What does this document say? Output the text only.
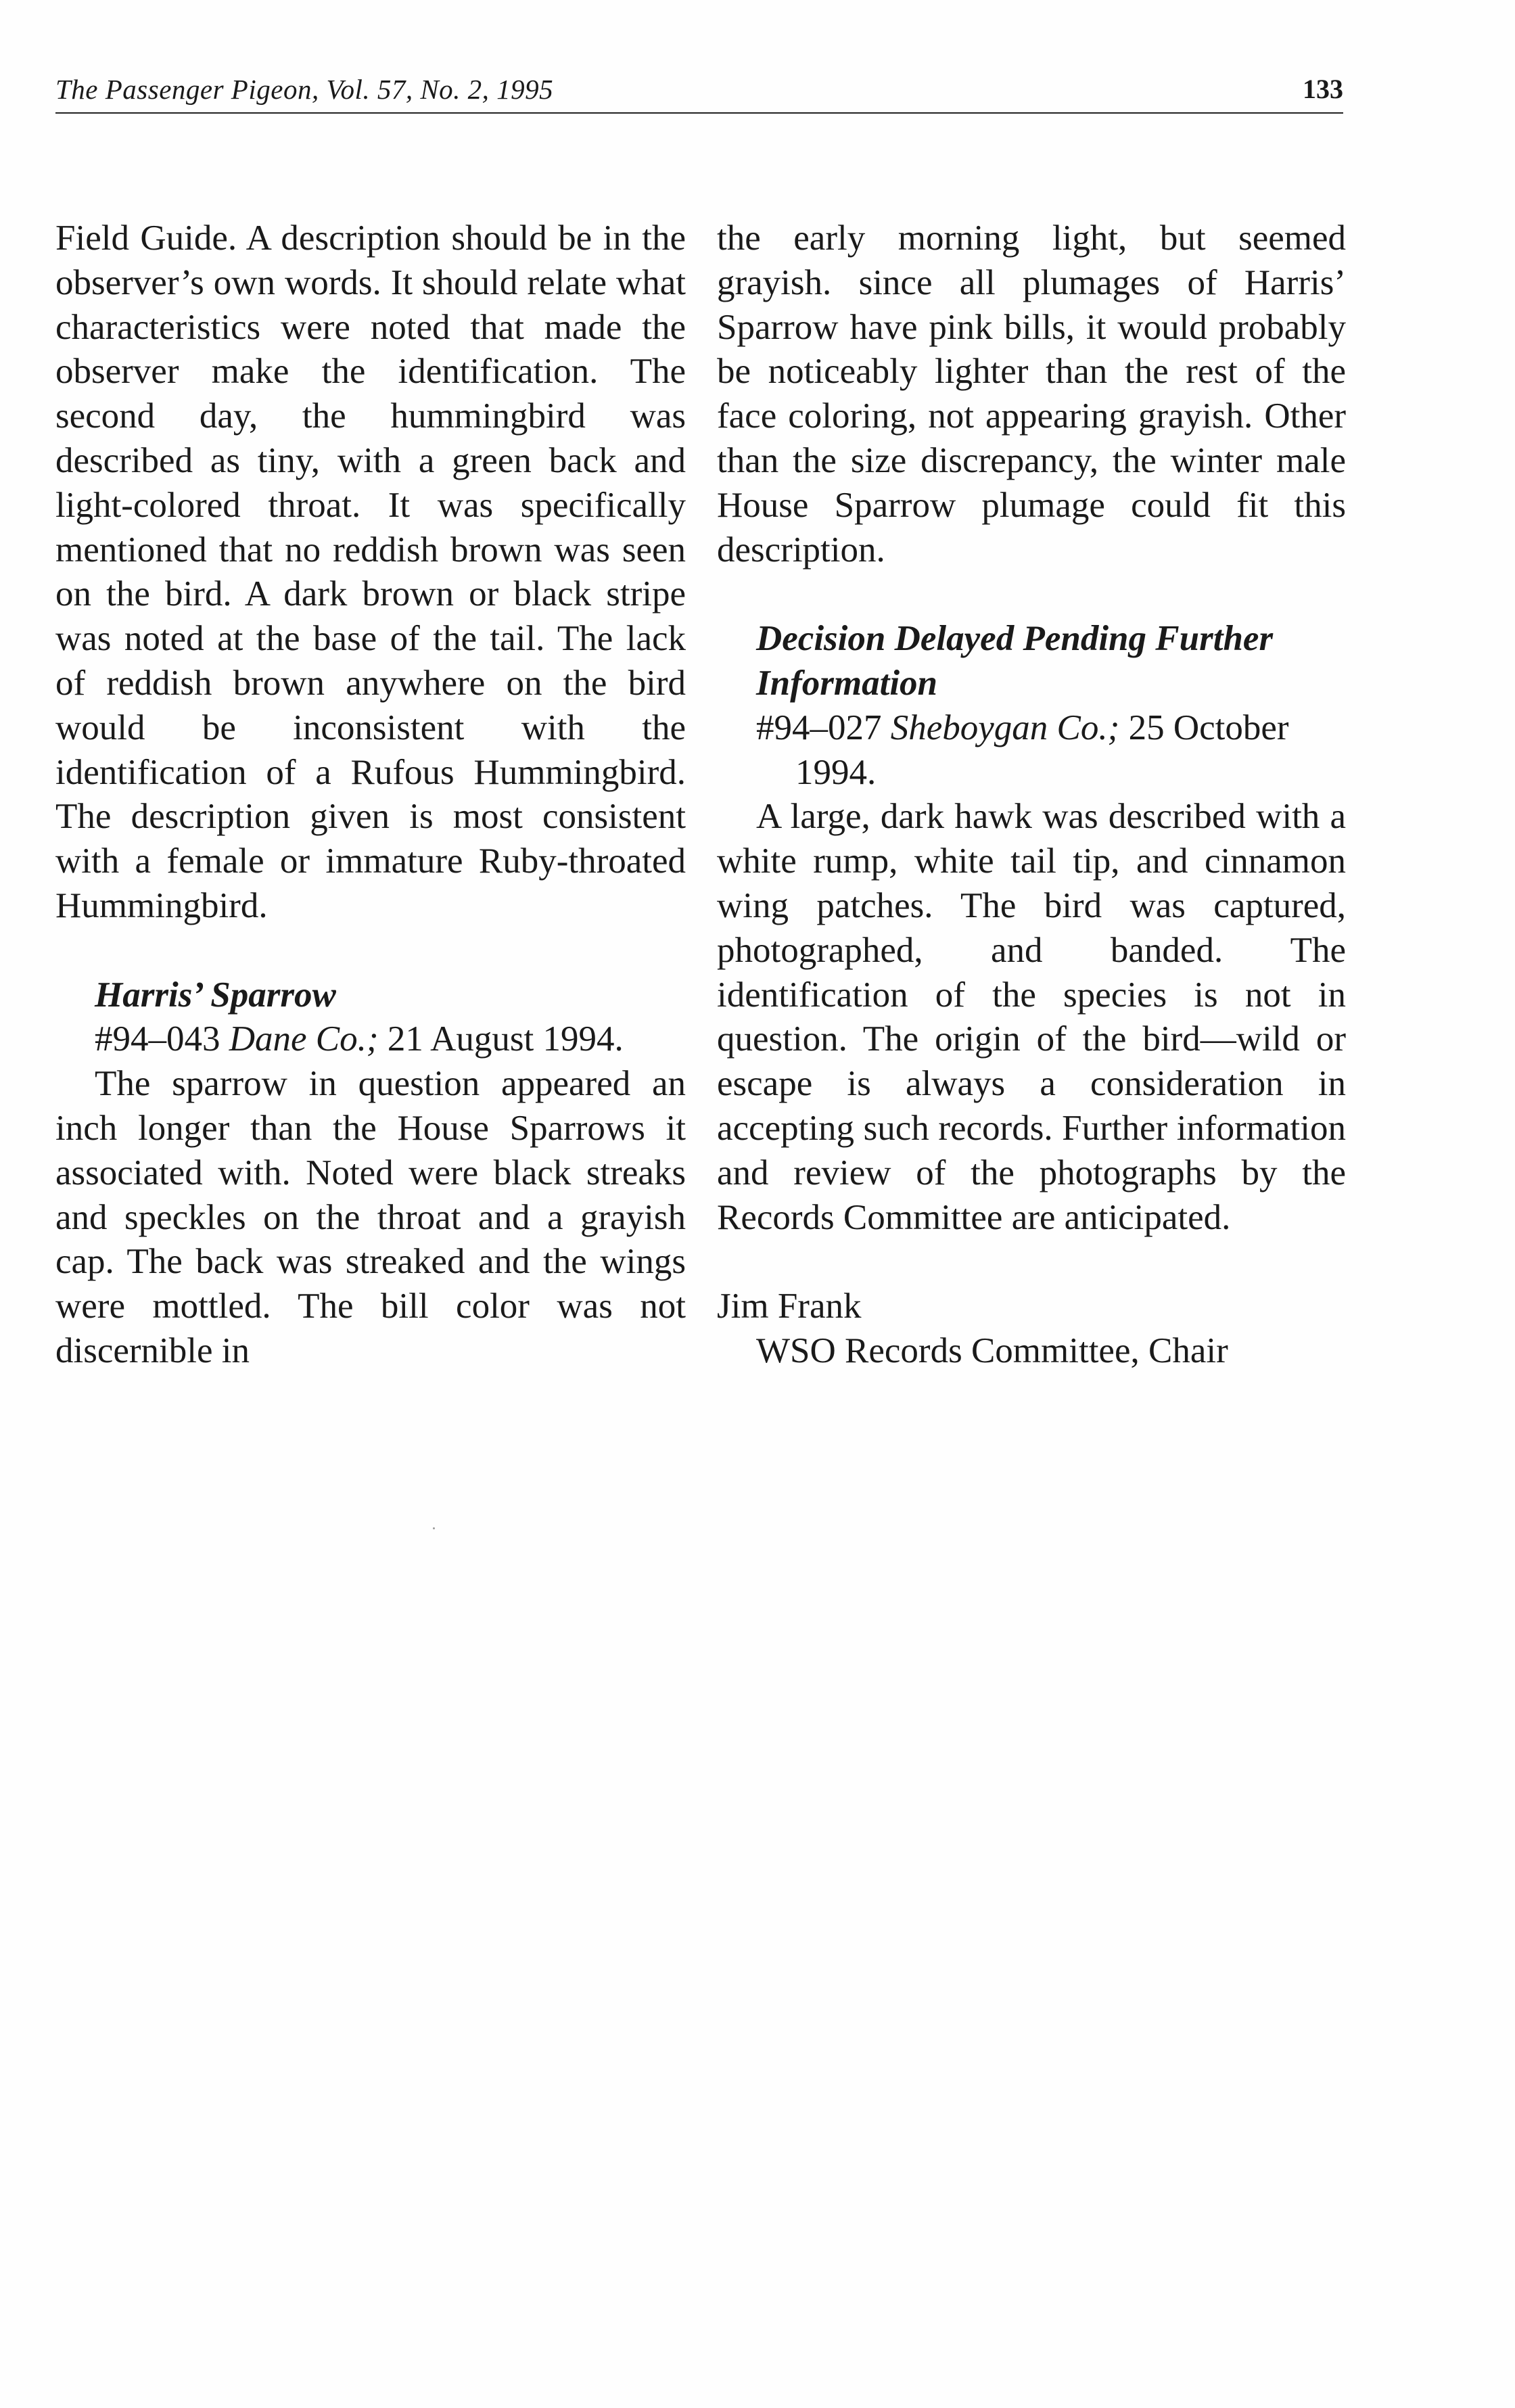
The Passenger Pigeon, Vol. 57, No. 2, 1995	133

Field Guide. A description should be in the observer’s own words. It should relate what characteristics were noted that made the observer make the identification. The second day, the hummingbird was described as tiny, with a green back and light-colored throat. It was specifically mentioned that no reddish brown was seen on the bird. A dark brown or black stripe was noted at the base of the tail. The lack of reddish brown anywhere on the bird would be inconsistent with the identification of a Rufous Hummingbird. The description given is most consistent with a female or immature Ruby-throated Hummingbird.

Harris’ Sparrow

#94–043 Dane Co.; 21 August 1994.

The sparrow in question appeared an inch longer than the House Sparrows it associated with. Noted were black streaks and speckles on the throat and a grayish cap. The back was streaked and the wings were mottled. The bill color was not discernible in

the early morning light, but seemed grayish. since all plumages of Harris’ Sparrow have pink bills, it would probably be noticeably lighter than the rest of the face coloring, not appearing grayish. Other than the size discrepancy, the winter male House Sparrow plumage could fit this description.

Decision Delayed Pending Further Information

#94–027 Sheboygan Co.; 25 October 1994.

A large, dark hawk was described with a white rump, white tail tip, and cinnamon wing patches. The bird was captured, photographed, and banded. The identification of the species is not in question. The origin of the bird—wild or escape is always a consideration in accepting such records. Further information and review of the photographs by the Records Committee are anticipated.

Jim Frank

WSO Records Committee, Chair
